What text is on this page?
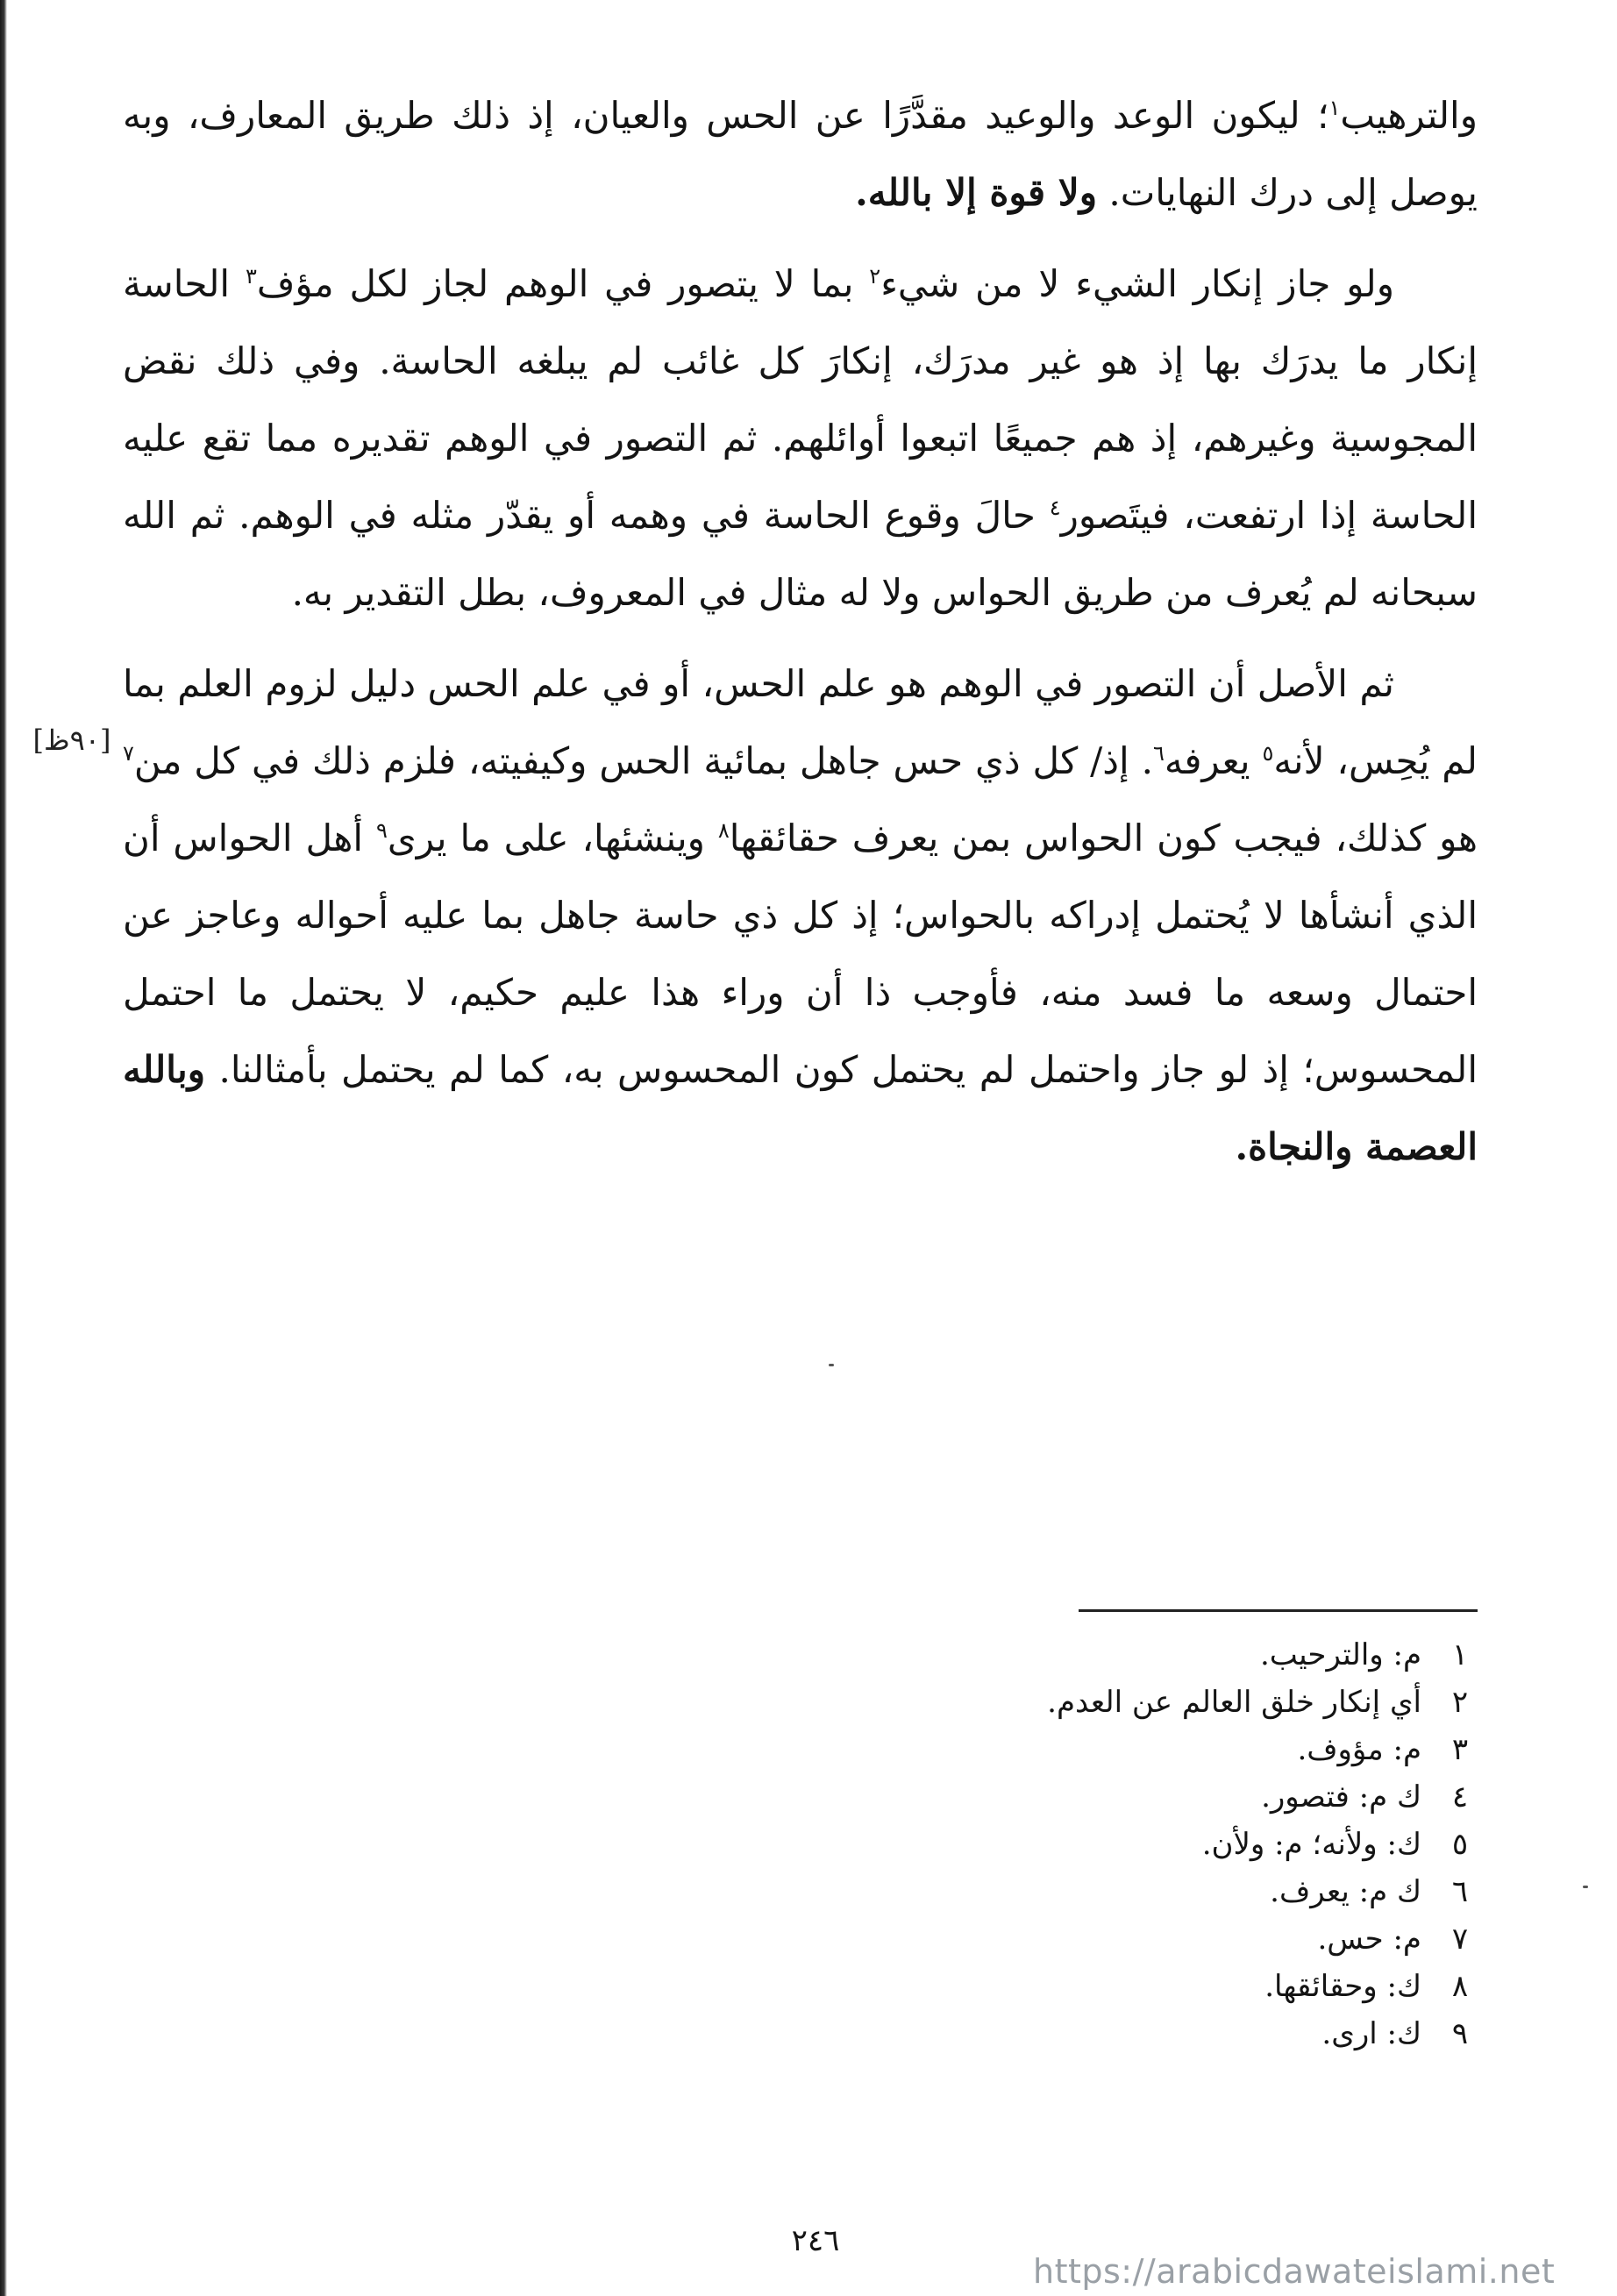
والترهيب$^١$؛ ليكون الوعد والوعيد مقدَّرًا عن الحس والعيان، إذ ذلك طريق المعارف، وبه يوصل إلى درك النهايات. ولا قوة إلا بالله.

ولو جاز إنكار الشيء لا من شيء$^٢$ بما لا يتصور في الوهم لجاز لكل مؤف$^٣$ الحاسة إنكار ما يدرَك بها إذ هو غير مدرَك، إنكارَ كل غائب لم يبلغه الحاسة. وفي ذلك نقض المجوسية وغيرهم، إذ هم جميعًا اتبعوا أوائلهم. ثم التصور في الوهم تقديره مما تقع عليه الحاسة إذا ارتفعت، فيتَصور$^٤$ حالَ وقوع الحاسة في وهمه أو يقدّر مثله في الوهم. ثم الله سبحانه لم يُعرف من طريق الحواس ولا له مثال في المعروف، بطل التقدير به.

ثم الأصل أن التصور في الوهم هو علم الحس، أو في علم الحس دليل لزوم العلم بما لم يُحِس، لأنه$^٥$ يعرفه$^٦$. إذ/ كل ذي حس جاهل بمائية الحس وكيفيته، فلزم ذلك في كل من$^٧$ هو كذلك، فيجب كون الحواس بمن يعرف حقائقها$^٨$ وينشئها، على ما يرى$^٩$ أهل الحواس أن الذي أنشأها لا يُحتمل إدراكه بالحواس؛ إذ كل ذي حاسة جاهل بما عليه أحواله وعاجز عن احتمال وسعه ما فسد منه، فأوجب ذا أن وراء هذا عليم حكيم، لا يحتمل ما احتمل المحسوس؛ إذ لو جاز واحتمل لم يحتمل كون المحسوس به، كما لم يحتمل بأمثالنا. وبالله العصمة والنجاة.

[٩٠ظ]
١
م: والترحيب.
٢
أي إنكار خلق العالم عن العدم.
٣
م: مؤوف.
٤
ك م: فتصور.
٥
ك: ولأنه؛ م: ولأن.
٦
ك م: يعرف.
٧
م: حس.
٨
ك: وحقائقها.
٩
ك: ارى.
٢٤٦
https://arabicdawateislami.net
